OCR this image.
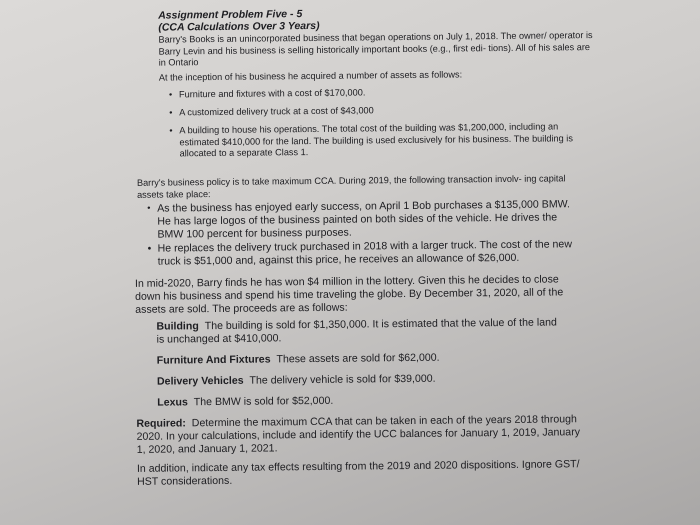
Assignment Problem Five - 5
(CCA Calculations Over 3 Years)

Barry's Books is an unincorporated business that began operations on July 1, 2018. The owner/ operator is Barry Levin and his business is selling historically important books (e.g., first edi- tions). All of his sales are in Ontario

At the inception of his business he acquired a number of assets as follows:

• Furniture and fixtures with a cost of $170,000.
• A customized delivery truck at a cost of $43,000
• A building to house his operations. The total cost of the building was $1,200,000, including an estimated $410,000 for the land. The building is used exclusively for his business. The building is allocated to a separate Class 1.

Barry's business policy is to take maximum CCA. During 2019, the following transaction involv- ing capital assets take place:

• As the business has enjoyed early success, on April 1 Bob purchases a $135,000 BMW. He has large logos of the business painted on both sides of the vehicle. He drives the BMW 100 percent for business purposes.
• He replaces the delivery truck purchased in 2018 with a larger truck. The cost of the new truck is $51,000 and, against this price, he receives an allowance of $26,000.

In mid-2020, Barry finds he has won $4 million in the lottery. Given this he decides to close down his business and spend his time traveling the globe. By December 31, 2020, all of the assets are sold. The proceeds are as follows:

Building The building is sold for $1,350,000. It is estimated that the value of the land is unchanged at $410,000.

Furniture And Fixtures These assets are sold for $62,000.

Delivery Vehicles The delivery vehicle is sold for $39,000.

Lexus The BMW is sold for $52,000.

Required: Determine the maximum CCA that can be taken in each of the years 2018 through 2020. In your calculations, include and identify the UCC balances for January 1, 2019, January 1, 2020, and January 1, 2021.

In addition, indicate any tax effects resulting from the 2019 and 2020 dispositions. Ignore GST/ HST considerations.
